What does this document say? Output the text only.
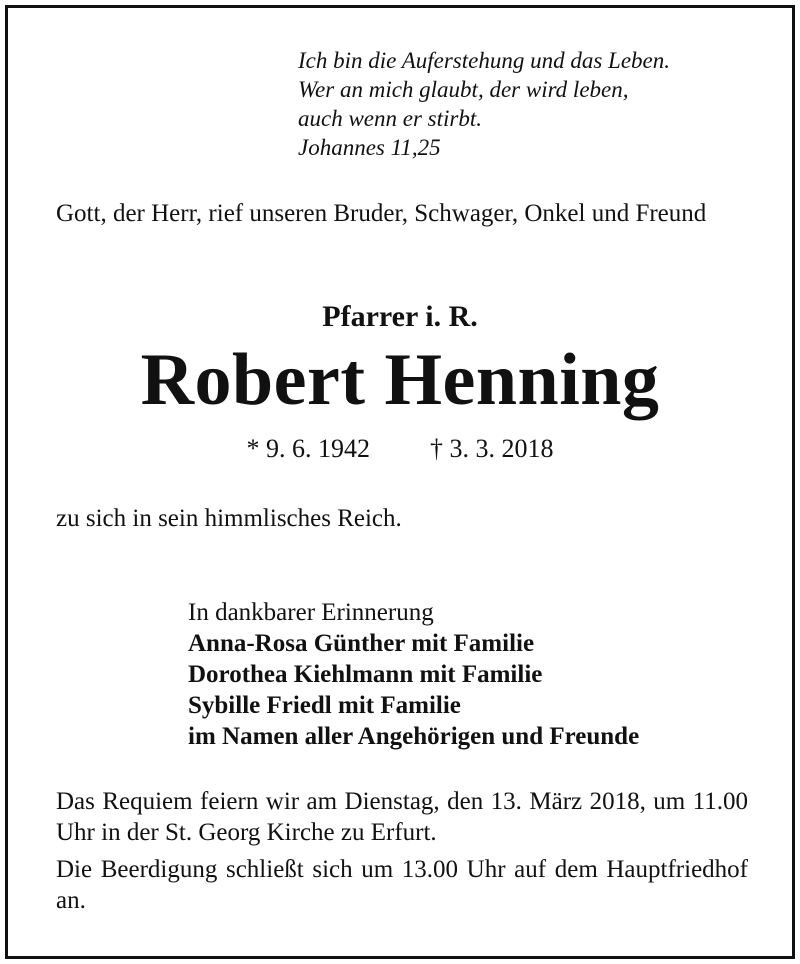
Ich bin die Auferstehung und das Leben.
Wer an mich glaubt, der wird leben,
auch wenn er stirbt.
Johannes 11,25
Gott, der Herr, rief unseren Bruder, Schwager, Onkel und Freund
Pfarrer i. R.
Robert Henning
* 9. 6. 1942 † 3. 3. 2018
zu sich in sein himmlisches Reich.
In dankbarer Erinnerung
Anna-Rosa Günther mit Familie
Dorothea Kiehlmann mit Familie
Sybille Friedl mit Familie
im Namen aller Angehörigen und Freunde

Das Requiem feiern wir am Dienstag, den 13. März 2018, um 11.00 Uhr in der St. Georg Kirche zu Erfurt.

Die Beerdigung schließt sich um 13.00 Uhr auf dem Hauptfriedhof an.
